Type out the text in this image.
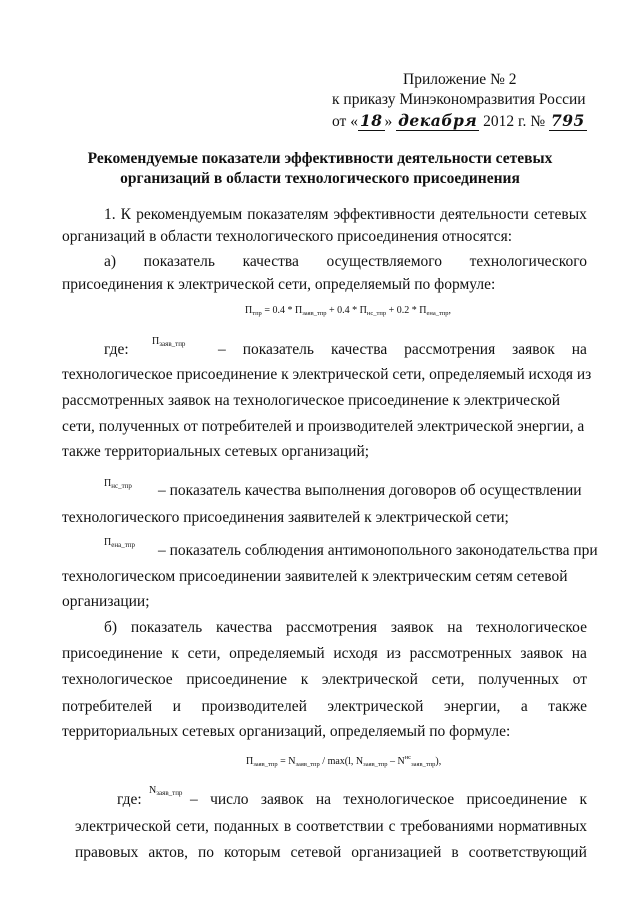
Приложение № 2
к приказу Минэкономразвития России
от « 18 » декабря 2012 г. № 795
Рекомендуемые показатели эффективности деятельности сетевых
организаций в области технологического присоединения
1. К рекомендуемым показателям эффективности деятельности сетевых
организаций в области технологического присоединения относятся:
а) показатель качества осуществляемого технологического
присоединения к электрической сети, определяемый по формуле:
$П_{тпр} = 0.4 * П_{заяв\_тпр} + 0.4 * П_{нс\_тпр} + 0.2 * П_{ена\_тпр}$,
где: $П_{заяв\_тпр}$ – показатель качества рассмотрения заявок на
технологическое присоединение к электрической сети, определяемый исходя из
рассмотренных заявок на технологическое присоединение к электрической
сети, полученных от потребителей и производителей электрической энергии, а
также территориальных сетевых организаций;
$П_{нс\_тпр}$ – показатель качества выполнения договоров об осуществлении
технологического присоединения заявителей к электрической сети;
$П_{ена\_тпр}$ – показатель соблюдения антимонопольного законодательства при
технологическом присоединении заявителей к электрическим сетям сетевой
организации;
б) показатель качества рассмотрения заявок на технологическое
присоединение к сети, определяемый исходя из рассмотренных заявок на
технологическое присоединение к электрической сети, полученных от
потребителей и производителей электрической энергии, а также
территориальных сетевых организаций, определяемый по формуле:
$П_{заяв\_тпр} = N_{заяв\_тпр} / \max(l$, $N_{заяв\_тпр} - N^{нс}_{заяв\_тпр}$),
где:
$N_{заяв\_тпр}$ – число заявок на технологическое присоединение к
электрической сети, поданных в соответствии с требованиями нормативных
правовых актов, по которым сетевой организацией в соответствующий
